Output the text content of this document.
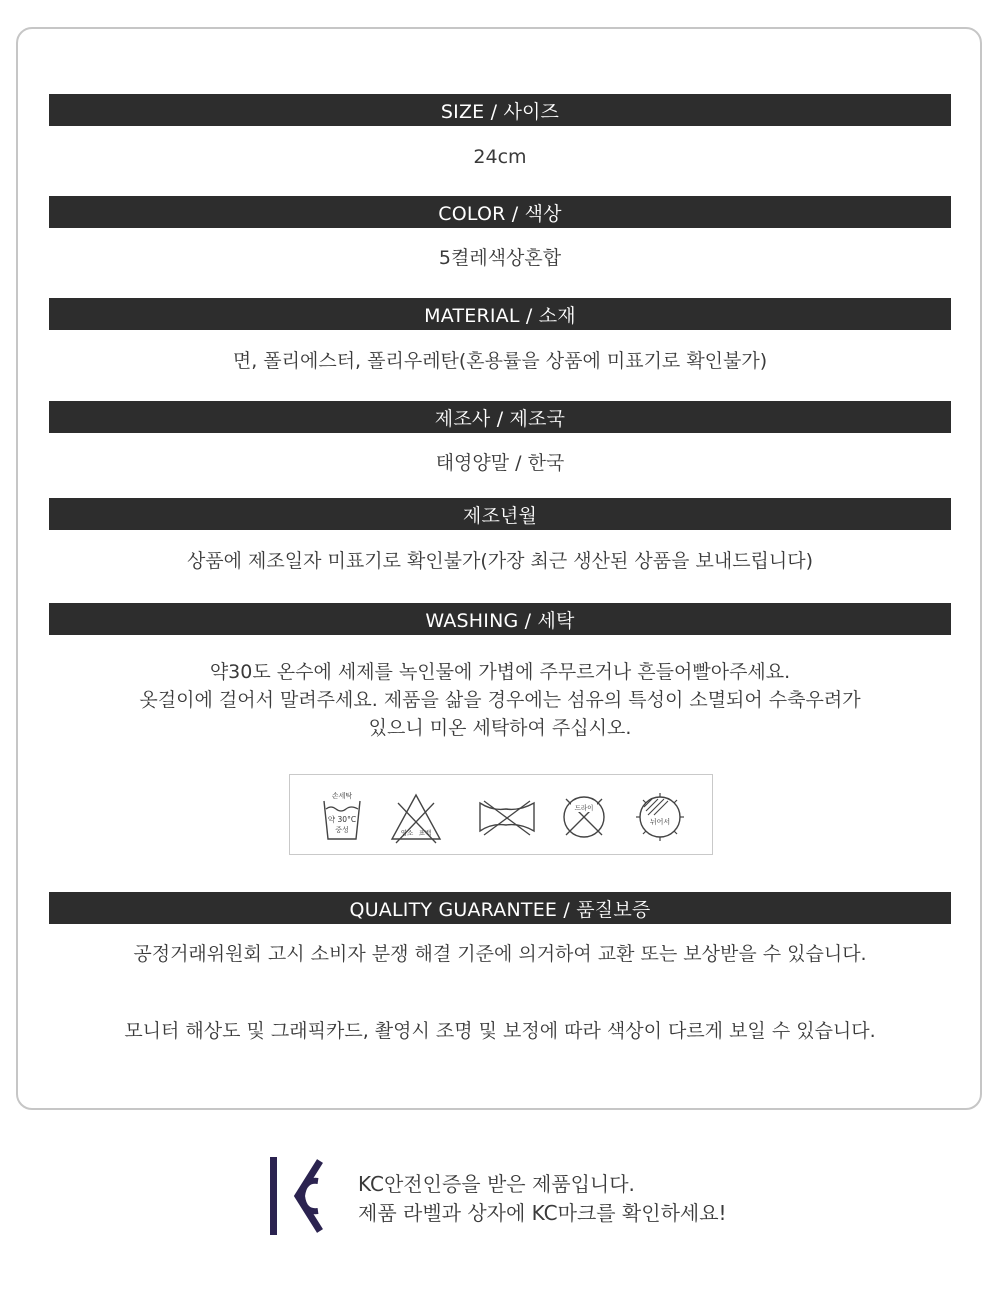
SIZE / 사이즈
24cm
COLOR / 색상
5켤레색상혼합
MATERIAL / 소재
면, 폴리에스터, 폴리우레탄(혼용률을 상품에 미표기로 확인불가)
제조사 / 제조국
태영양말 / 한국
제조년월
상품에 제조일자 미표기로 확인불가(가장 최근 생산된 상품을 보내드립니다)
WASHING / 세탁
약30도 온수에 세제를 녹인물에 가볍에 주무르거나 흔들어빨아주세요.
옷걸이에 걸어서 말려주세요. 제품을 삶을 경우에는 섬유의 특성이 소멸되어 수축우려가
있으니 미온 세탁하여 주십시오.
손세탁
약 30°C
중성	염소 표백
드라이
뉘어서
QUALITY GUARANTEE / 품질보증
공정거래위원회 고시 소비자 분쟁 해결 기준에 의거하여 교환 또는 보상받을 수 있습니다.
모니터 해상도 및 그래픽카드, 촬영시 조명 및 보정에 따라 색상이 다르게 보일 수 있습니다.
KC안전인증을 받은 제품입니다.
제품 라벨과 상자에 KC마크를 확인하세요!
